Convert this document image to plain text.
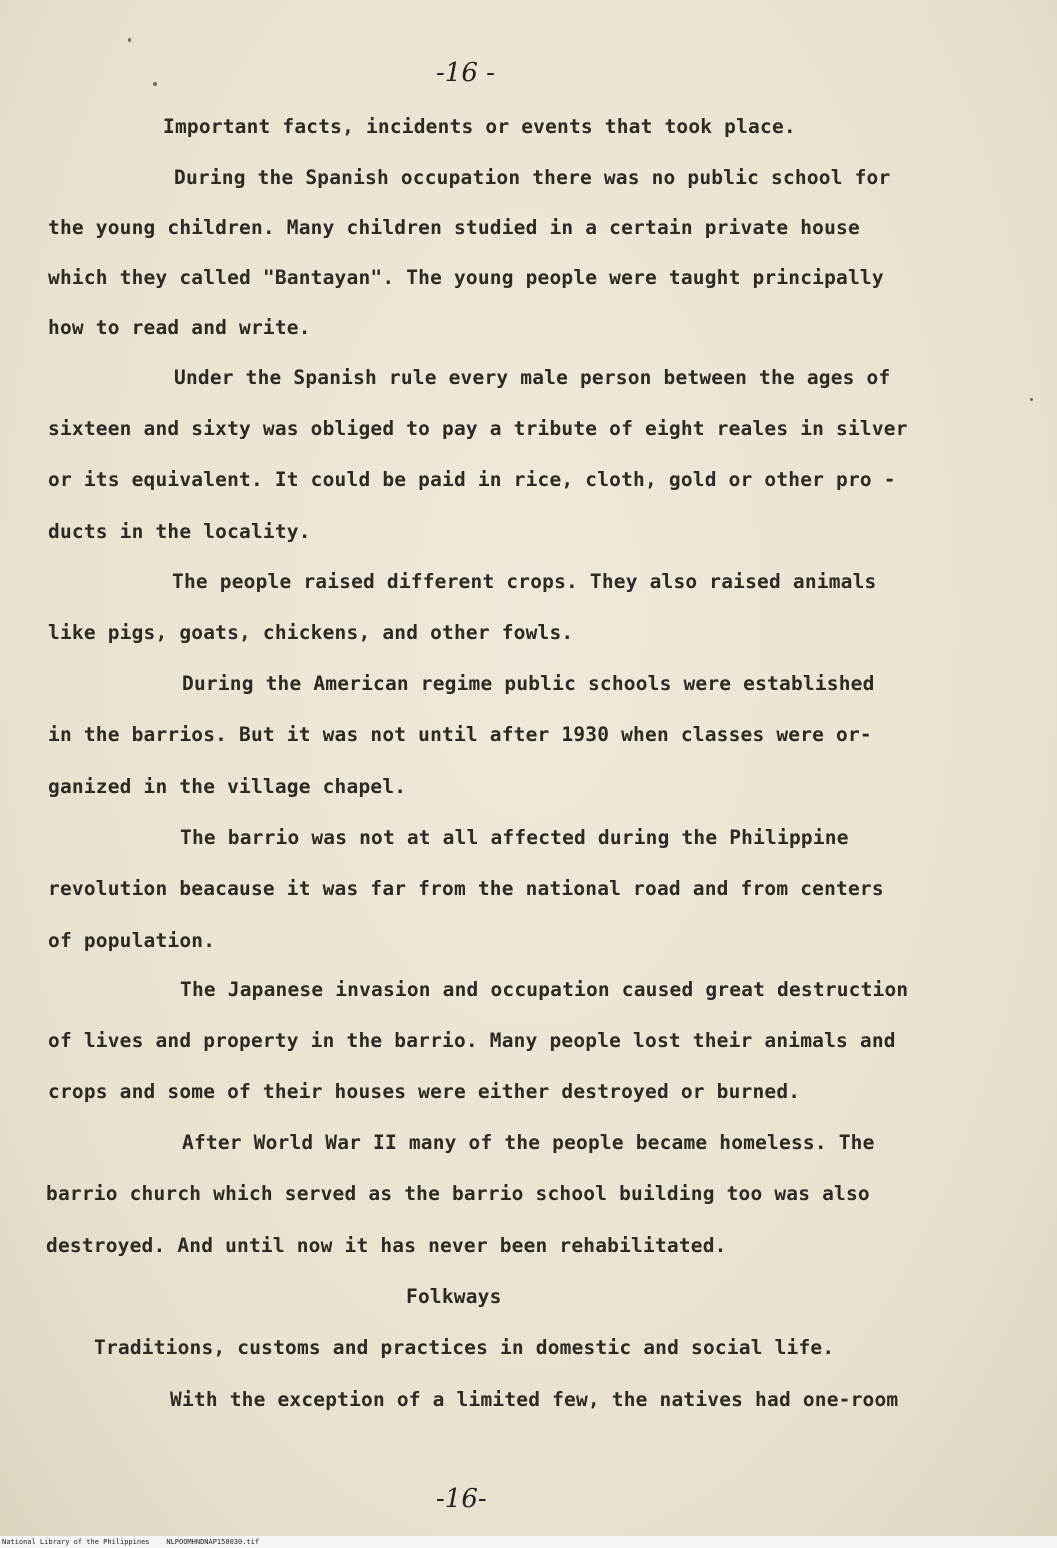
-16 -
Important facts, incidents or events that took place.
During the Spanish occupation there was no public school for
the young children. Many children studied in a certain private house
which they called "Bantayan". The young people were taught principally
how to read and write.
Under the Spanish rule every male person between the ages of
sixteen and sixty was obliged to pay a tribute of eight reales in silver
or its equivalent. It could be paid in rice, cloth, gold or other pro -
ducts in the locality.
The people raised different crops. They also raised animals
like pigs, goats, chickens, and other fowls.
During the American regime public schools were established
in the barrios. But it was not until after 1930 when classes were or-
ganized in the village chapel.
The barrio was not at all affected during the Philippine
revolution beacause it was far from the national road and from centers
of population.
The Japanese invasion and occupation caused great destruction
of lives and property in the barrio. Many people lost their animals and
crops and some of their houses were either destroyed or burned.
After World War II many of the people became homeless. The
barrio church which served as the barrio school building too was also
destroyed. And until now it has never been rehabilitated.
Folkways
Traditions, customs and practices in domestic and social life.
With the exception of a limited few, the natives had one-room
-16-
National Library of the Philippines    NLPOOMHNDNAP150030.tif
